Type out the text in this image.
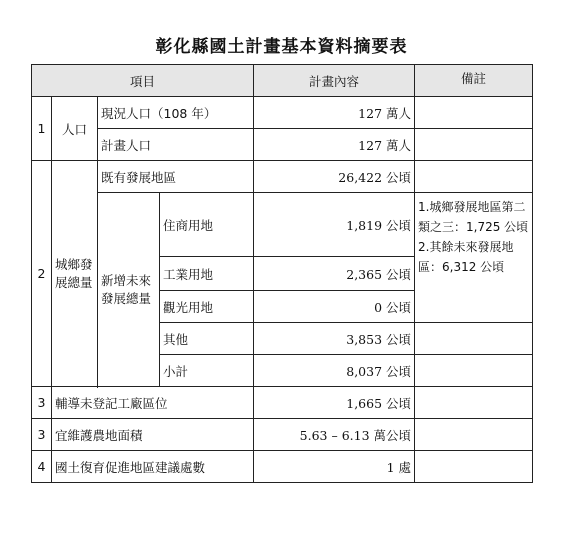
彰化縣國土計畫基本資料摘要表
項目				計畫內容	備註
1	人口	現況人口（108 年）		127 萬人	
		計畫人口		127 萬人	
2	城鄉發展總量	既有發展地區		26,422 公頃	
		新增未來發展總量	住商用地	1,819 公頃	1.城鄉發展地區第二類之三：1,725 公頃
2.其餘未來發展地區：6,312 公頃

			工業用地	2,365 公頃	
			觀光用地	0 公頃	
			其他	3,853 公頃	
			小計	8,037 公頃	

3	輔導未登記工廠區位			1,665 公頃	
3	宜維護農地面積			5.63 – 6.13 萬公頃	
4	國土復育促進地區建議處數			1 處	
